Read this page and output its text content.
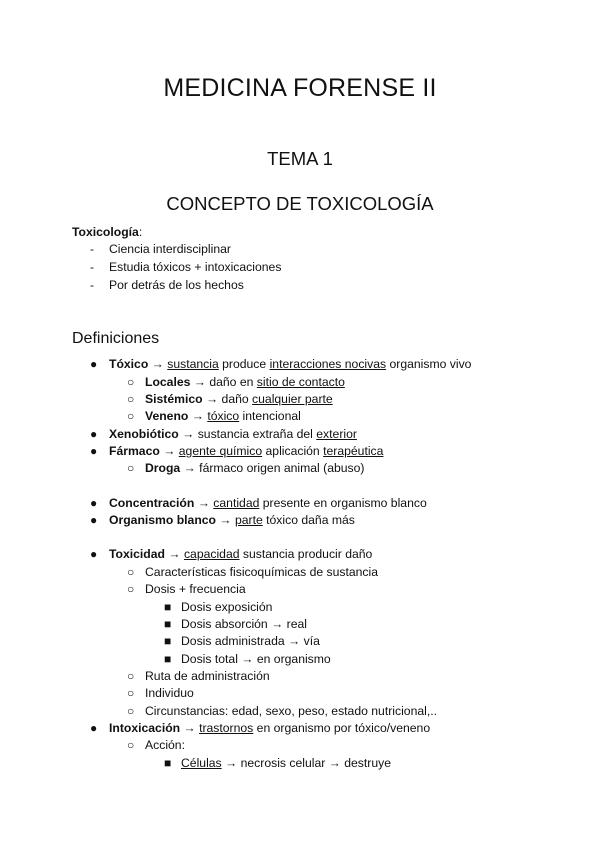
MEDICINA FORENSE II
TEMA 1
CONCEPTO DE TOXICOLOGÍA
Toxicología:
- Ciencia interdisciplinar
- Estudia tóxicos + intoxicaciones
- Por detrás de los hechos
Definiciones
● Tóxico → sustancia produce interacciones nocivas organismo vivo
○ Locales → daño en sitio de contacto
○ Sistémico → daño cualquier parte
○ Veneno → tóxico intencional
● Xenobiótico → sustancia extraña del exterior
● Fármaco → agente químico aplicación terapéutica
○ Droga → fármaco origen animal (abuso)
● Concentración → cantidad presente en organismo blanco
● Organismo blanco → parte tóxico daña más
● Toxicidad → capacidad sustancia producir daño
○ Características fisicoquímicas de sustancia
○ Dosis + frecuencia
■ Dosis exposición
■ Dosis absorción → real
■ Dosis administrada → vía
■ Dosis total → en organismo
○ Ruta de administración
○ Individuo
○ Circunstancias: edad, sexo, peso, estado nutricional,..
● Intoxicación → trastornos en organismo por tóxico/veneno
○ Acción:
■ Células → necrosis celular → destruye
